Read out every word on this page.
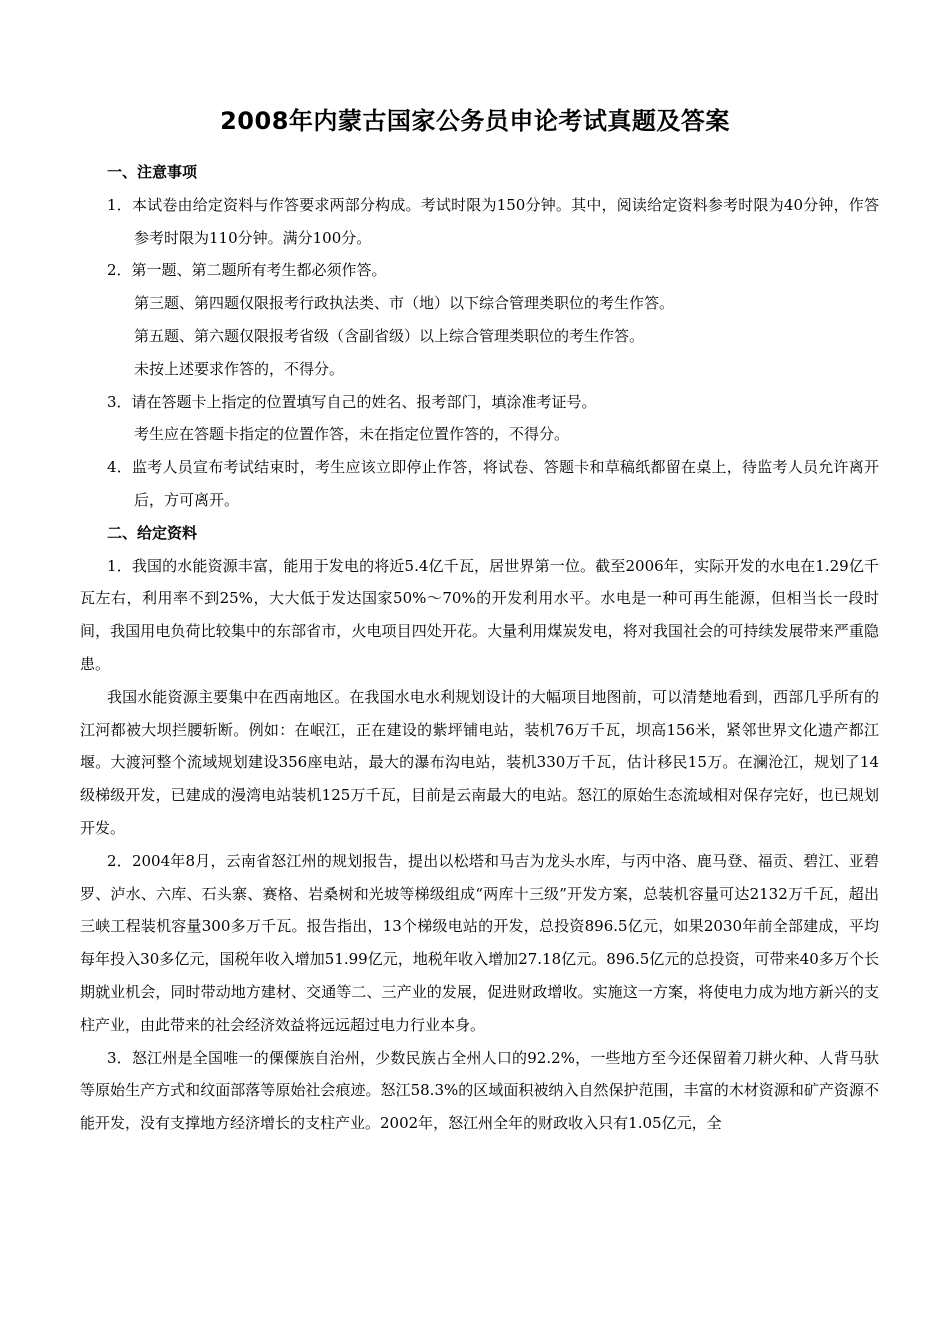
2008年内蒙古国家公务员申论考试真题及答案

一、注意事项

1．本试卷由给定资料与作答要求两部分构成。考试时限为150分钟。其中，阅读给定资料参考时限为40分钟，作答参考时限为110分钟。满分100分。

2．第一题、第二题所有考生都必须作答。

第三题、第四题仅限报考行政执法类、市（地）以下综合管理类职位的考生作答。

第五题、第六题仅限报考省级（含副省级）以上综合管理类职位的考生作答。

未按上述要求作答的，不得分。

3．请在答题卡上指定的位置填写自己的姓名、报考部门，填涂准考证号。

考生应在答题卡指定的位置作答，未在指定位置作答的，不得分。

4．监考人员宣布考试结束时，考生应该立即停止作答，将试卷、答题卡和草稿纸都留在桌上，待监考人员允许离开后，方可离开。

二、给定资料

1．我国的水能资源丰富，能用于发电的将近5.4亿千瓦，居世界第一位。截至2006年，实际开发的水电在1.29亿千瓦左右，利用率不到25%，大大低于发达国家50%～70%的开发利用水平。水电是一种可再生能源，但相当长一段时间，我国用电负荷比较集中的东部省市，火电项目四处开花。大量利用煤炭发电，将对我国社会的可持续发展带来严重隐患。

我国水能资源主要集中在西南地区。在我国水电水利规划设计的大幅项目地图前，可以清楚地看到，西部几乎所有的江河都被大坝拦腰斩断。例如：在岷江，正在建设的紫坪铺电站，装机76万千瓦，坝高156米，紧邻世界文化遗产都江堰。大渡河整个流域规划建设356座电站，最大的瀑布沟电站，装机330万千瓦，估计移民15万。在澜沧江，规划了14级梯级开发，已建成的漫湾电站装机125万千瓦，目前是云南最大的电站。怒江的原始生态流域相对保存完好，也已规划开发。

2．2004年8月，云南省怒江州的规划报告，提出以松塔和马吉为龙头水库，与丙中洛、鹿马登、福贡、碧江、亚碧罗、泸水、六库、石头寨、赛格、岩桑树和光坡等梯级组成“两库十三级”开发方案，总装机容量可达2132万千瓦，超出三峡工程装机容量300多万千瓦。报告指出，13个梯级电站的开发，总投资896.5亿元，如果2030年前全部建成，平均每年投入30多亿元，国税年收入增加51.99亿元，地税年收入增加27.18亿元。896.5亿元的总投资，可带来40多万个长期就业机会，同时带动地方建材、交通等二、三产业的发展，促进财政增收。实施这一方案，将使电力成为地方新兴的支柱产业，由此带来的社会经济效益将远远超过电力行业本身。

3．怒江州是全国唯一的傈僳族自治州，少数民族占全州人口的92.2%，一些地方至今还保留着刀耕火种、人背马驮等原始生产方式和纹面部落等原始社会痕迹。怒江58.3%的区域面积被纳入自然保护范围，丰富的木材资源和矿产资源不能开发，没有支撑地方经济增长的支柱产业。2002年，怒江州全年的财政收入只有1.05亿元，全
